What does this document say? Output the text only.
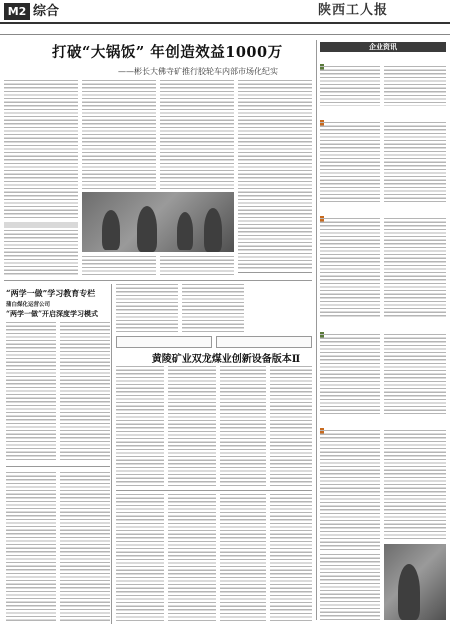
M2 综合	陕西工人报
打破“大锅饭” 年创造效益1000万
——彬长大佛寺矿推行胶轮车内部市场化纪实
企业资讯
“两学一做”学习教育专栏
蒲白煤化运营公司
“两学一做”开启深度学习模式
黄陵矿业双龙煤业创新设备版本Ⅱ
